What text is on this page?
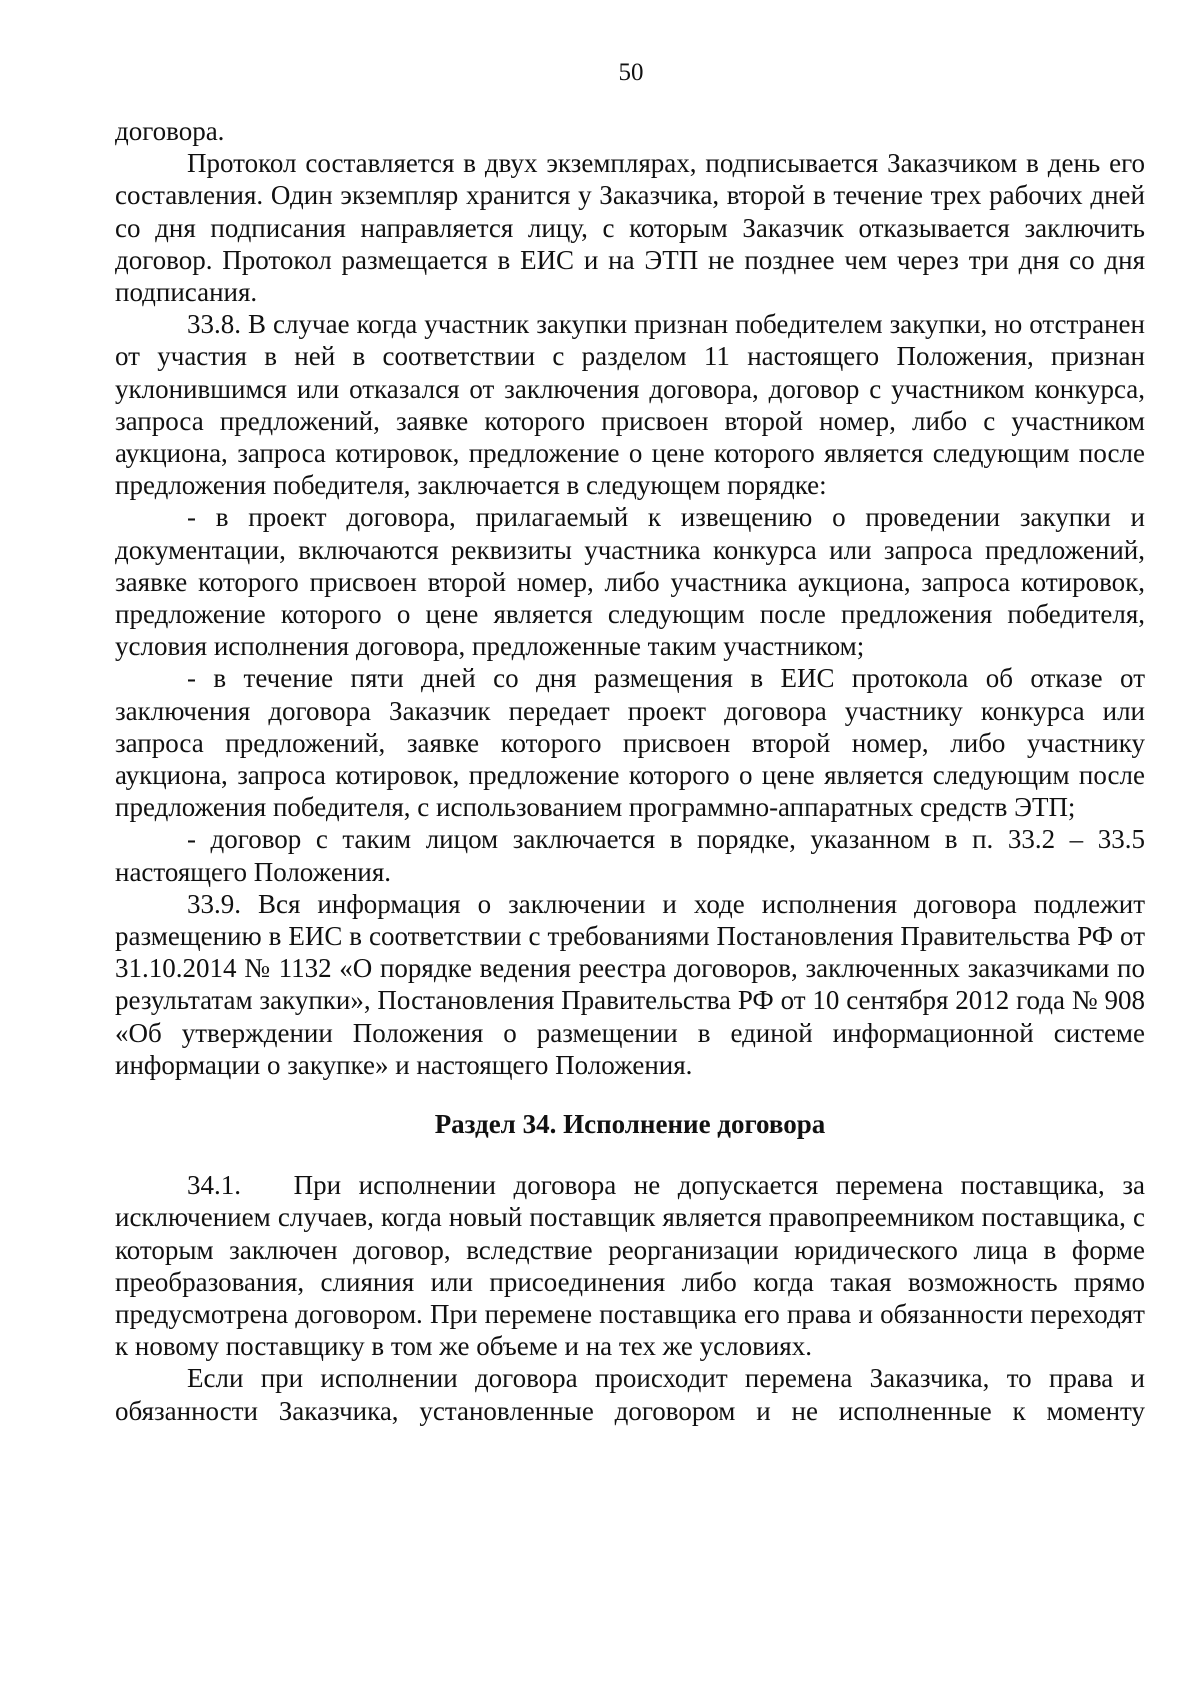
50

договора.

Протокол составляется в двух экземплярах, подписывается Заказчиком в день его составления. Один экземпляр хранится у Заказчика, второй в течение трех рабочих дней со дня подписания направляется лицу, с которым Заказчик отказывается заключить договор. Протокол размещается в ЕИС и на ЭТП не позднее чем через три дня со дня подписания.

33.8. В случае когда участник закупки признан победителем закупки, но отстранен от участия в ней в соответствии с разделом 11 настоящего Положения, признан уклонившимся или отказался от заключения договора, договор с участником конкурса, запроса предложений, заявке которого присвоен второй номер, либо с участником аукциона, запроса котировок, предложение о цене которого является следующим после предложения победителя, заключается в следующем порядке:

- в проект договора, прилагаемый к извещению о проведении закупки и документации, включаются реквизиты участника конкурса или запроса предложений, заявке которого присвоен второй номер, либо участника аукциона, запроса котировок, предложение которого о цене является следующим после предложения победителя, условия исполнения договора, предложенные таким участником;

- в течение пяти дней со дня размещения в ЕИС протокола об отказе от заключения договора Заказчик передает проект договора участнику конкурса или запроса предложений, заявке которого присвоен второй номер, либо участнику аукциона, запроса котировок, предложение которого о цене является следующим после предложения победителя, с использованием программно-аппаратных средств ЭТП;

- договор с таким лицом заключается в порядке, указанном в п. 33.2 – 33.5 настоящего Положения.

33.9. Вся информация о заключении и ходе исполнения договора подлежит размещению в ЕИС в соответствии с требованиями Постановления Правительства РФ от 31.10.2014 № 1132 «О порядке ведения реестра договоров, заключенных заказчиками по результатам закупки», Постановления Правительства РФ от 10 сентября 2012 года № 908 «Об утверждении Положения о размещении в единой информационной системе информации о закупке» и настоящего Положения.

Раздел 34. Исполнение договора

34.1.   При исполнении договора не допускается перемена поставщика, за исключением случаев, когда новый поставщик является правопреемником поставщика, с которым заключен договор, вследствие реорганизации юридического лица в форме преобразования, слияния или присоединения либо когда такая возможность прямо предусмотрена договором. При перемене поставщика его права и обязанности переходят к новому поставщику в том же объеме и на тех же условиях.

Если при исполнении договора происходит перемена Заказчика, то права и обязанности Заказчика, установленные договором и не исполненные к моменту
